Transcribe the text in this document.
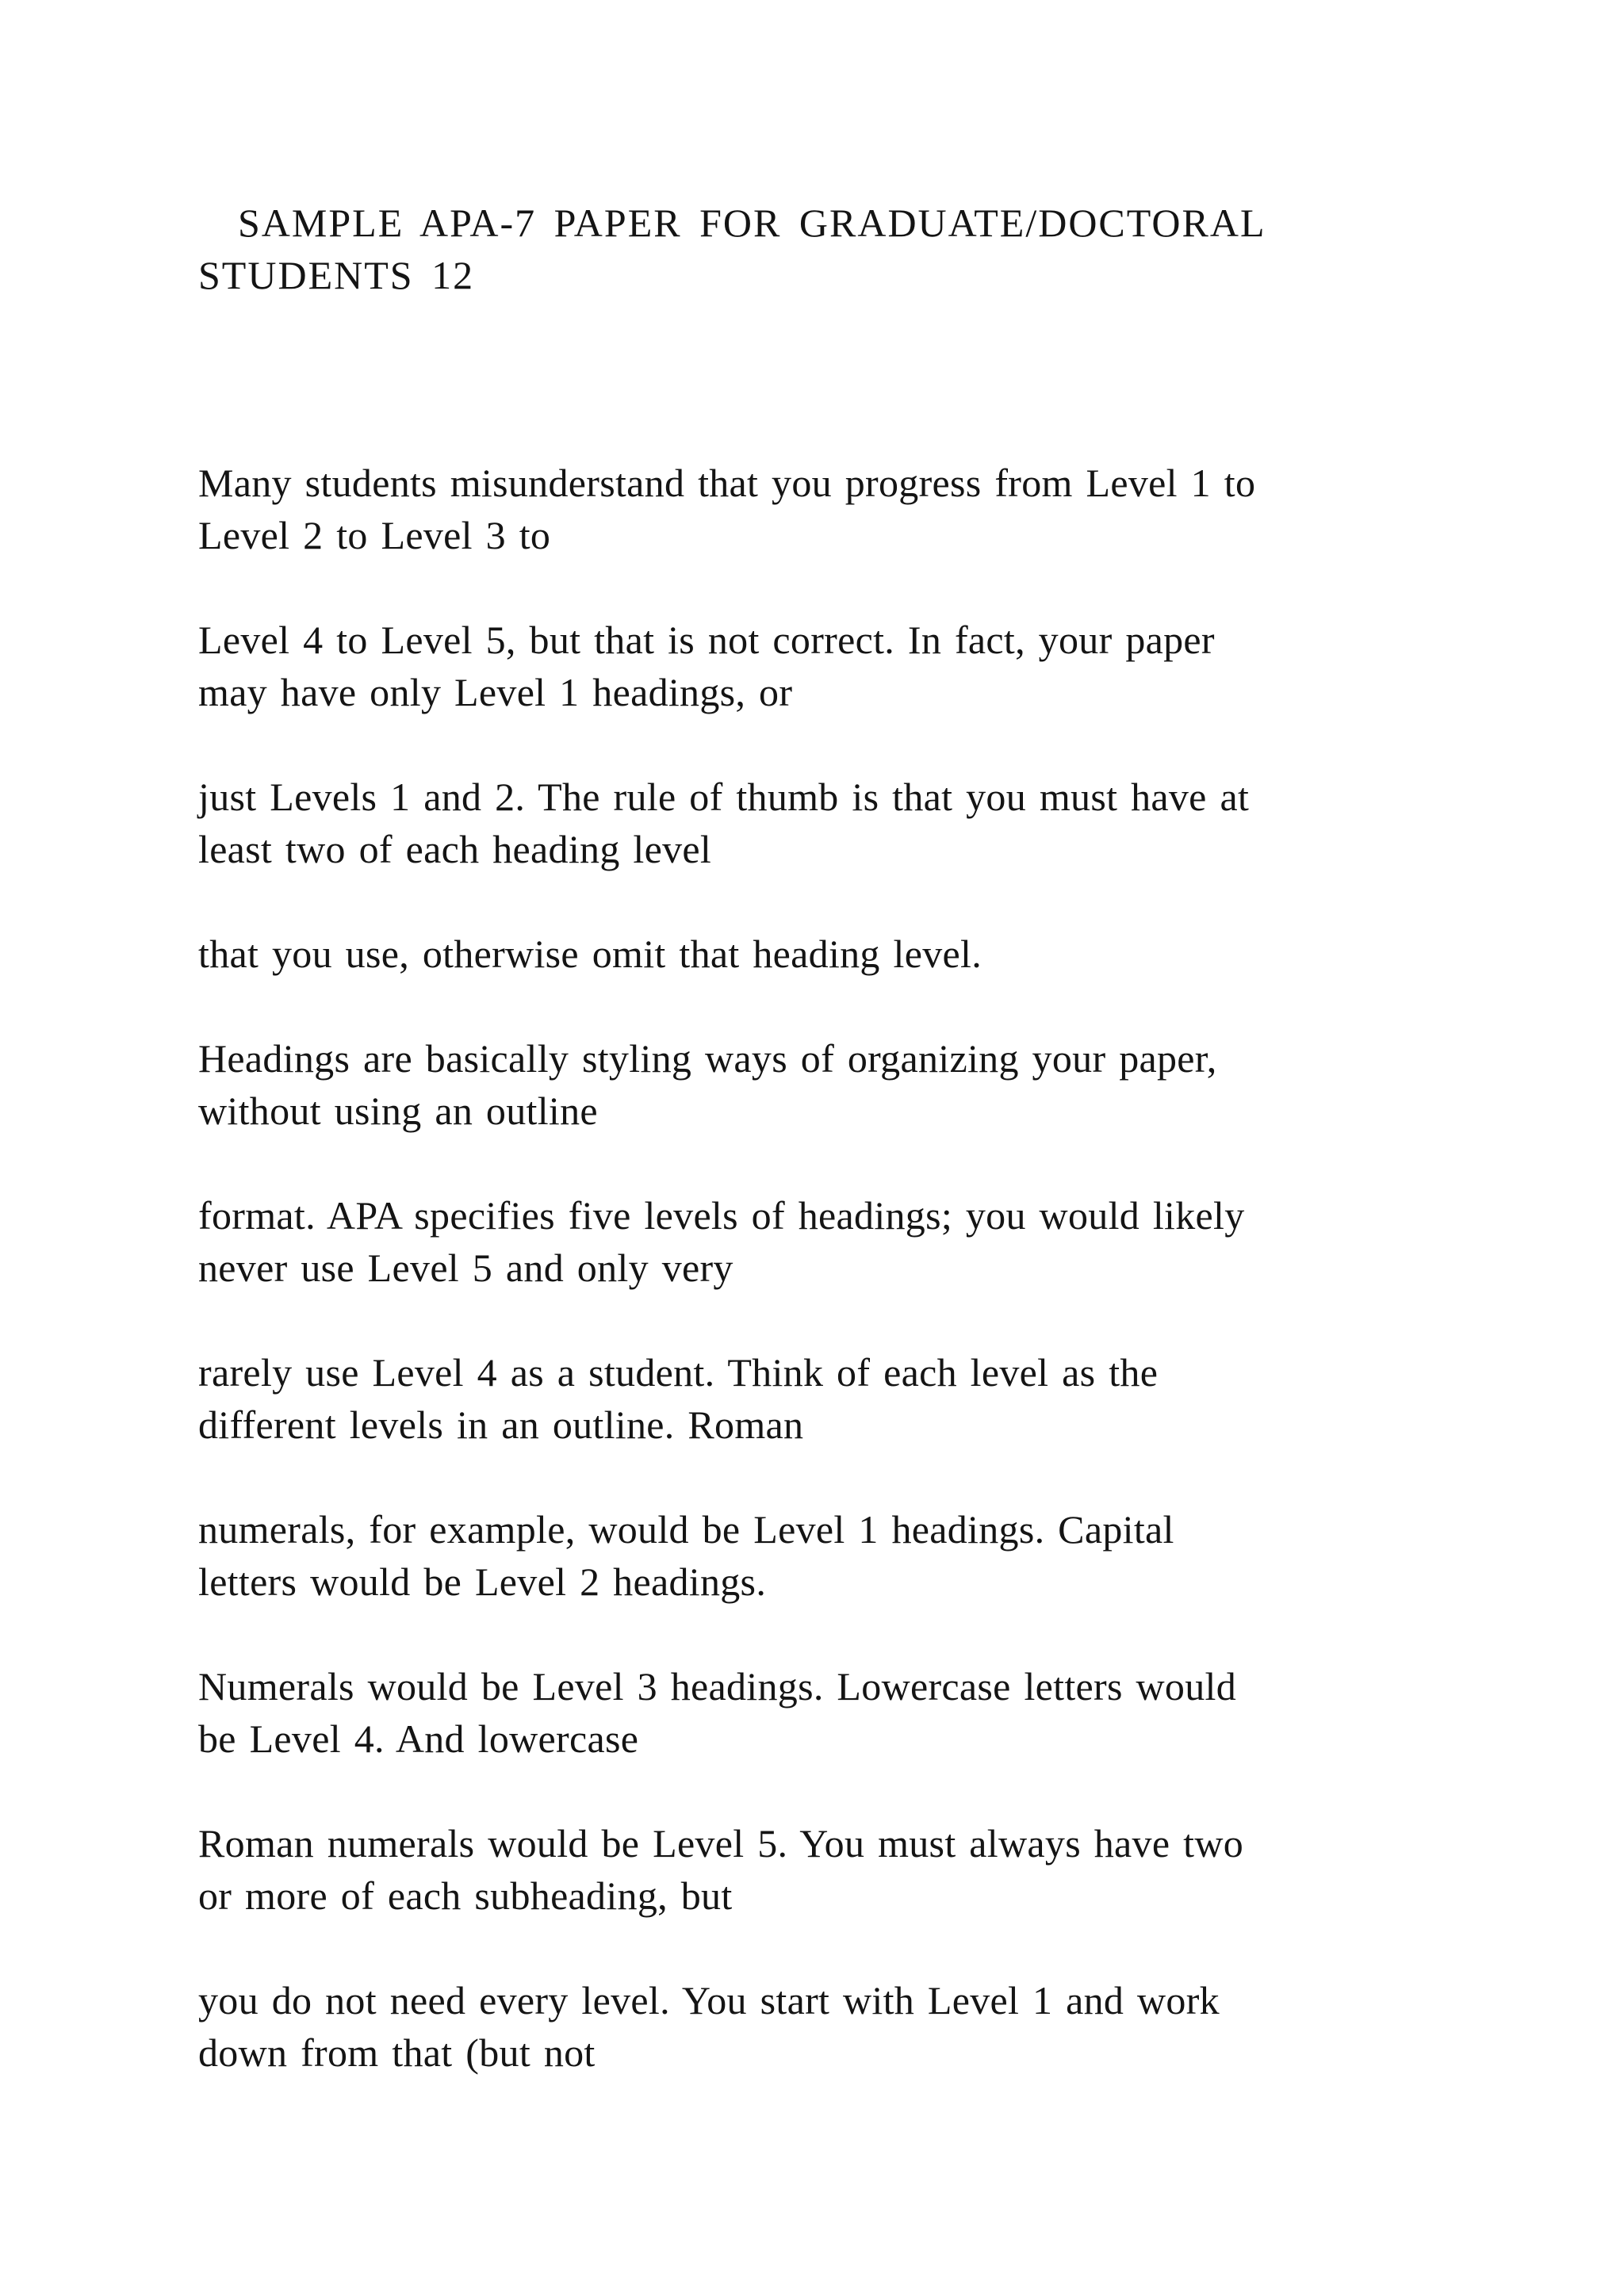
SAMPLE APA-7 PAPER FOR GRADUATE/DOCTORAL
STUDENTS 12

Many students misunderstand that you progress from Level 1 to
Level 2 to Level 3 to

Level 4 to Level 5, but that is not correct. In fact, your paper
may have only Level 1 headings, or

just Levels 1 and 2. The rule of thumb is that you must have at
least two of each heading level

that you use, otherwise omit that heading level.

Headings are basically styling ways of organizing your paper,
without using an outline

format. APA specifies five levels of headings; you would likely
never use Level 5 and only very

rarely use Level 4 as a student. Think of each level as the
different levels in an outline. Roman

numerals, for example, would be Level 1 headings. Capital
letters would be Level 2 headings.

Numerals would be Level 3 headings. Lowercase letters would
be Level 4. And lowercase

Roman numerals would be Level 5. You must always have two
or more of each subheading, but

you do not need every level. You start with Level 1 and work
down from that (but not
